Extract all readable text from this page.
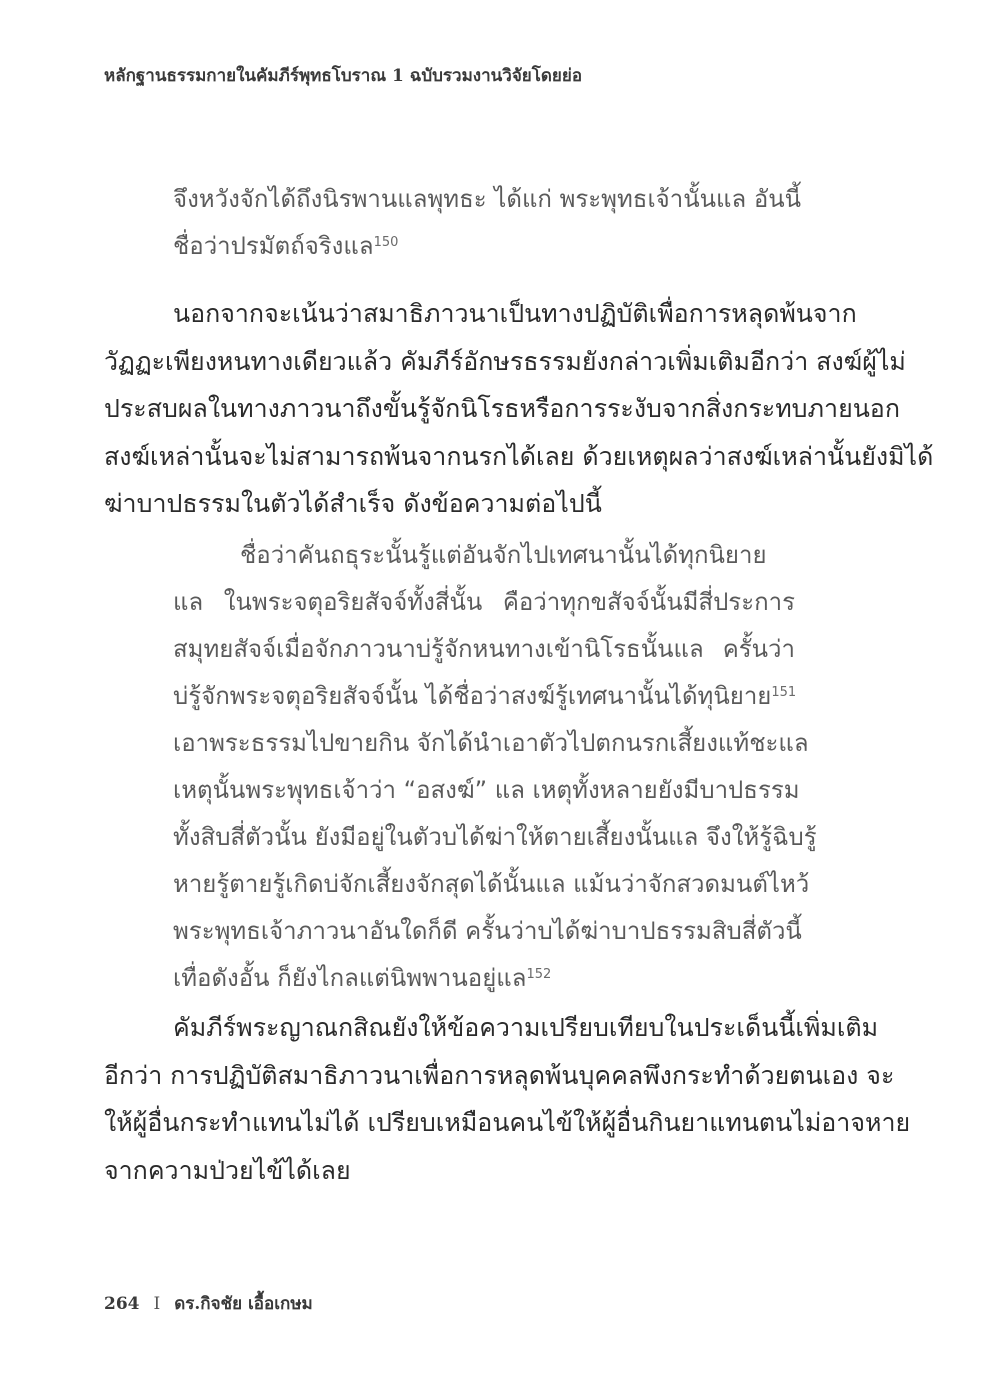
หลักฐานธรรมกายในคัมภีร์พุทธโบราณ 1 ฉบับรวมงานวิจัยโดยย่อ
จึงหวังจักได้ถึงนิรพานแลพุทธะ ได้แก่ พระพุทธเจ้านั้นแล อันนี้
ชื่อว่าปรมัตถ์จริงแล$^{150}$
นอกจากจะเน้นว่าสมาธิภาวนาเป็นทางปฏิบัติเพื่อการหลุดพ้นจาก
วัฏฏะเพียงหนทางเดียวแล้ว คัมภีร์อักษรธรรมยังกล่าวเพิ่มเติมอีกว่า สงฆ์ผู้ไม่
ประสบผลในทางภาวนาถึงขั้นรู้จักนิโรธหรือการระงับจากสิ่งกระทบภายนอก
สงฆ์เหล่านั้นจะไม่สามารถพ้นจากนรกได้เลย ด้วยเหตุผลว่าสงฆ์เหล่านั้นยังมิได้
ฆ่าบาปธรรมในตัวได้สำเร็จ ดังข้อความต่อไปนี้
ชื่อว่าคันถธุระนั้นรู้แต่อันจักไปเทศนานั้นได้ทุกนิยาย
แล ในพระจตุอริยสัจจ์ทั้งสี่นั้น คือว่าทุกขสัจจ์นั้นมีสี่ประการ
สมุทยสัจจ์เมื่อจักภาวนาบ่รู้จักหนทางเข้านิโรธนั้นแล ครั้นว่า
บ่รู้จักพระจตุอริยสัจจ์นั้น ได้ชื่อว่าสงฆ์รู้เทศนานั้นได้ทุนิยาย$^{151}$
เอาพระธรรมไปขายกิน จักได้นำเอาตัวไปตกนรกเสี้ยงแท้ชะแล
เหตุนั้นพระพุทธเจ้าว่า “อสงฆ์” แล เหตุทั้งหลายยังมีบาปธรรม
ทั้งสิบสี่ตัวนั้น ยังมีอยู่ในตัวบได้ฆ่าให้ตายเสี้ยงนั้นแล จึงให้รู้ฉิบรู้
หายรู้ตายรู้เกิดบ่จักเสี้ยงจักสุดได้นั้นแล แม้นว่าจักสวดมนต์ไหว้
พระพุทธเจ้าภาวนาอันใดก็ดี ครั้นว่าบได้ฆ่าบาปธรรมสิบสี่ตัวนี้
เทื่อดังอั้น ก็ยังไกลแต่นิพพานอยู่แล$^{152}$
คัมภีร์พระญาณกสิณยังให้ข้อความเปรียบเทียบในประเด็นนี้เพิ่มเติม
อีกว่า การปฏิบัติสมาธิภาวนาเพื่อการหลุดพ้นบุคคลพึงกระทำด้วยตนเอง จะ
ให้ผู้อื่นกระทำแทนไม่ได้ เปรียบเหมือนคนไข้ให้ผู้อื่นกินยาแทนตนไม่อาจหาย
จากความป่วยไข้ได้เลย
264 I ดร.กิจชัย เอื้อเกษม
